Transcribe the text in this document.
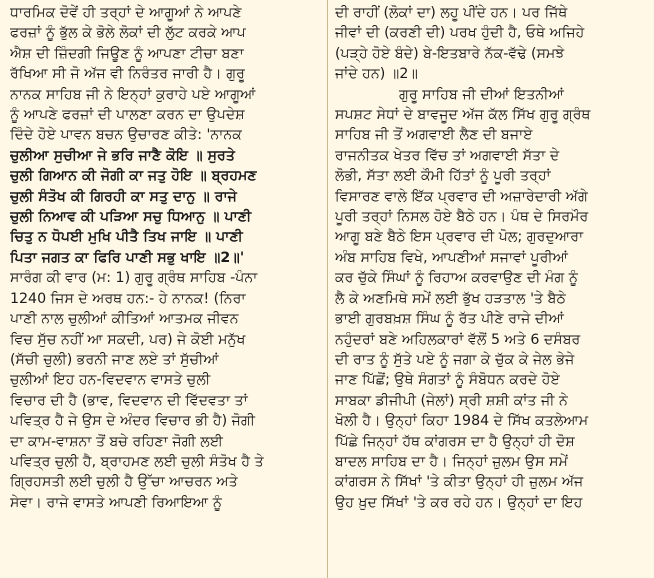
ਧਾਰਮਿਕ ਦੋਵੇਂ ਹੀ ਤਰ੍ਹਾਂ ਦੇ ਆਗੂਆਂ ਨੇ ਆਪਣੇ
ਫਰਜ਼ਾਂ ਨੂੰ ਭੁੱਲ ਕੇ ਭੋਲੇ ਲੋਕਾਂ ਦੀ ਲੁੱਟ ਕਰਕੇ ਆਪ
ਐਸ਼ ਦੀ ਜ਼ਿੰਦਗੀ ਜਿਊਣ ਨੂੰ ਆਪਣਾ ਟੀਚਾ ਬਣਾ
ਰੱਖਿਆ ਸੀ ਜੋ ਅੱਜ ਵੀ ਨਿਰੰਤਰ ਜਾਰੀ ਹੈ। ਗੁਰੂ
ਨਾਨਕ ਸਾਹਿਬ ਜੀ ਨੇ ਇਨ੍ਹਾਂ ਕੁਰਾਹੇ ਪਏ ਆਗੂਆਂ
ਨੂੰ ਆਪਣੇ ਫਰਜ਼ਾਂ ਦੀ ਪਾਲਣਾ ਕਰਨ ਦਾ ਉਪਦੇਸ਼
ਦਿੰਦੇ ਹੋਏ ਪਾਵਨ ਬਚਨ ਉਚਾਰਣ ਕੀਤੇ: 'ਨਾਨਕ
ਚੁਲੀਆ ਸੁਚੀਆ ਜੇ ਭਰਿ ਜਾਣੈ ਕੋਇ ॥ ਸੁਰਤੇ
ਚੁਲੀ ਗਿਆਨ ਕੀ ਜੋਗੀ ਕਾ ਜਤੁ ਹੋਇ ॥ ਬ੍ਰਹਮਣ
ਚੁਲੀ ਸੰਤੋਖ ਕੀ ਗਿਰਹੀ ਕਾ ਸਤੁ ਦਾਨੁ ॥ ਰਾਜੇ
ਚੁਲੀ ਨਿਆਵ ਕੀ ਪੜਿਆ ਸਚੁ ਧਿਆਨੁ ॥ ਪਾਣੀ
ਚਿਤੁ ਨ ਧੋਪਈ ਮੁਖਿ ਪੀਤੈ ਤਿਖ ਜਾਇ ॥ ਪਾਣੀ
ਪਿਤਾ ਜਗਤ ਕਾ ਫਿਰਿ ਪਾਣੀ ਸਭੁ ਖਾਇ ॥2॥'
ਸਾਰੰਗ ਕੀ ਵਾਰ (ਮ: 1) ਗੁਰੂ ਗ੍ਰੰਥ ਸਾਹਿਬ -ਪੰਨਾ
1240 ਜਿਸ ਦੇ ਅਰਥ ਹਨ:- ਹੇ ਨਾਨਕ! (ਨਿਰਾ
ਪਾਣੀ ਨਾਲ ਚੁਲੀਆਂ ਕੀਤਿਆਂ ਆਤਮਕ ਜੀਵਨ
ਵਿਚ ਸੁੱਚ ਨਹੀਂ ਆ ਸਕਦੀ, ਪਰ) ਜੇ ਕੋਈ ਮਨੁੱਖ
(ਸੱਚੀ ਚੁਲੀ) ਭਰਨੀ ਜਾਣ ਲਏ ਤਾਂ ਸੁੱਚੀਆਂ
ਚੁਲੀਆਂ ਇਹ ਹਨ-ਵਿਦਵਾਨ ਵਾਸਤੇ ਚੁਲੀ
ਵਿਚਾਰ ਦੀ ਹੈ (ਭਾਵ, ਵਿਦਵਾਨ ਦੀ ਵਿੱਦਵਤਾ ਤਾਂ
ਪਵਿਤ੍ਰ ਹੈ ਜੇ ਉਸ ਦੇ ਅੰਦਰ ਵਿਚਾਰ ਭੀ ਹੈ) ਜੋਗੀ
ਦਾ ਕਾਮ-ਵਾਸ਼ਨਾ ਤੋਂ ਬਚੇ ਰਹਿਣਾ ਜੋਗੀ ਲਈ
ਪਵਿਤ੍ਰ ਚੁਲੀ ਹੈ, ਬ੍ਰਾਹਮਣ ਲਈ ਚੁਲੀ ਸੰਤੋਖ ਹੈ ਤੇ
ਗ੍ਰਿਹਸਤੀ ਲਈ ਚੁਲੀ ਹੈ ਉੱਚਾ ਆਚਰਨ ਅਤੇ
ਸੇਵਾ। ਰਾਜੇ ਵਾਸਤੇ ਆਪਣੀ ਰਿਆਇਆ ਨੂੰ
ਦੀ ਰਾਹੀਂ (ਲੋਕਾਂ ਦਾ) ਲਹੂ ਪੀਂਦੇ ਹਨ। ਪਰ ਜਿੱਥੇ
ਜੀਵਾਂ ਦੀ (ਕਰਣੀ ਦੀ) ਪਰਖ ਹੁੰਦੀ ਹੈ, ਓਥੇ ਅਜਿਹੇ
(ਪੜ੍ਹੇ ਹੋਏ ਬੰਦੇ) ਬੇ-ਇਤਬਾਰੇ ਨੱਕ-ਵੱਢੇ (ਸਮਝੇ
ਜਾਂਦੇ ਹਨ) ॥2॥
ਗੁਰੂ ਸਾਹਿਬ ਜੀ ਦੀਆਂ ਇਤਨੀਆਂ
ਸਪਸ਼ਟ ਸੇਧਾਂ ਦੇ ਬਾਵਜੂਦ ਅੱਜ ਕੱਲ ਸਿੱਖ ਗੁਰੂ ਗ੍ਰੰਥ
ਸਾਹਿਬ ਜੀ ਤੋਂ ਅਗਵਾਈ ਲੈਣ ਦੀ ਬਜਾਏ
ਰਾਜਨੀਤਕ ਖੇਤਰ ਵਿੱਚ ਤਾਂ ਅਗਵਾਈ ਸੱਤਾ ਦੇ
ਲੋਭੀ, ਸੱਤਾ ਲਈ ਕੌਮੀ ਹਿੱਤਾਂ ਨੂੰ ਪੂਰੀ ਤਰ੍ਹਾਂ
ਵਿਸਾਰਣ ਵਾਲੇ ਇੱਕ ਪ੍ਰਵਾਰ ਦੀ ਅਜ਼ਾਰੇਦਾਰੀ ਅੱਗੇ
ਪੂਰੀ ਤਰ੍ਹਾਂ ਨਿਸਲ ਹੋਏ ਬੈਠੇ ਹਨ। ਪੰਥ ਦੇ ਸਿਰਮੌਰ
ਆਗੂ ਬਣੇ ਬੈਠੇ ਇਸ ਪ੍ਰਵਾਰ ਦੀ ਪੋਲ; ਗੁਰਦੁਆਰਾ
ਅੰਬ ਸਾਹਿਬ ਵਿਖੇ, ਆਪਣੀਆਂ ਸਜਾਵਾਂ ਪੂਰੀਆਂ
ਕਰ ਚੁੱਕੇ ਸਿੰਘਾਂ ਨੂੰ ਰਿਹਾਅ ਕਰਵਾਉਣ ਦੀ ਮੰਗ ਨੂੰ
ਲੈ ਕੇ ਅਣਮਿਥੇ ਸਮੇਂ ਲਈ ਭੁੱਖ ਹੜਤਾਲ 'ਤੇ ਬੈਠੇ
ਭਾਈ ਗੁਰਬਖ਼ਸ਼ ਸਿੰਘ ਨੂੰ ਰੱਤ ਪੀਣੇ ਰਾਜੇ ਦੀਆਂ
ਨਹੁੰਦਰਾਂ ਬਣੇ ਅਹਿਲਕਾਰਾਂ ਵੱਲੋਂ 5 ਅਤੇ 6 ਦਸੰਬਰ
ਦੀ ਰਾਤ ਨੂੰ ਸੁੱਤੇ ਪਏ ਨੂੰ ਜਗਾ ਕੇ ਚੁੱਕ ਕੇ ਜੇਲ ਭੇਜੇ
ਜਾਣ ਪਿੱਛੋਂ; ਉਥੇ ਸੰਗਤਾਂ ਨੂੰ ਸੰਬੋਧਨ ਕਰਦੇ ਹੋਏ
ਸਾਬਕਾ ਡੀਜੀਪੀ (ਜੇਲਾਂ) ਸ੍ਰੀ ਸ਼ਸ਼ੀ ਕਾਂਤ ਜੀ ਨੇ
ਖੋਲੀ ਹੈ। ਉਨ੍ਹਾਂ ਕਿਹਾ 1984 ਦੇ ਸਿੱਖ ਕਤਲੇਆਮ
ਪਿੱਛੇ ਜਿਨ੍ਹਾਂ ਹੱਥ ਕਾਂਗਰਸ ਦਾ ਹੈ ਉਨ੍ਹਾਂ ਹੀ ਦੋਸ਼
ਬਾਦਲ ਸਾਹਿਬ ਦਾ ਹੈ। ਜਿਨ੍ਹਾਂ ਜ਼ੁਲਮ ਉਸ ਸਮੇਂ
ਕਾਂਗਰਸ ਨੇ ਸਿੱਖਾਂ 'ਤੇ ਕੀਤਾ ਉਨ੍ਹਾਂ ਹੀ ਜ਼ੁਲਮ ਅੱਜ
ਉਹ ਖ਼ੁਦ ਸਿੱਖਾਂ 'ਤੇ ਕਰ ਰਹੇ ਹਨ। ਉਨ੍ਹਾਂ ਦਾ ਇਹ
